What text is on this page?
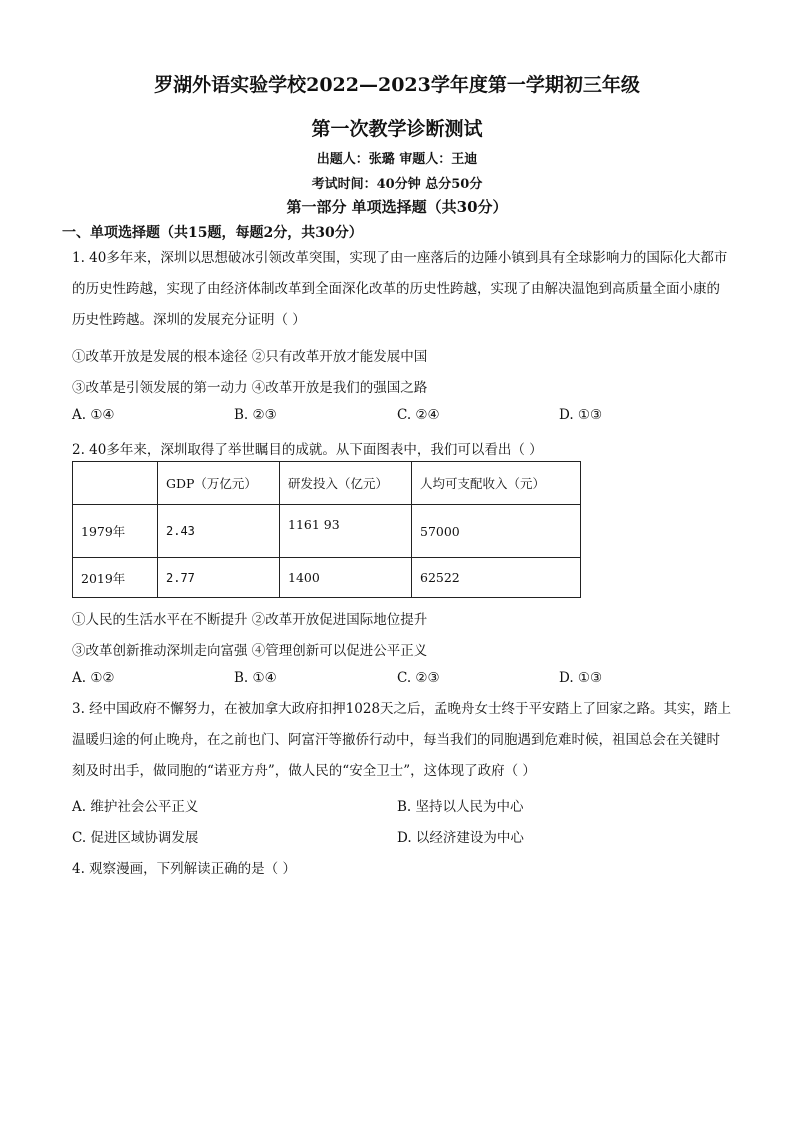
罗湖外语实验学校2022—2023学年度第一学期初三年级
第一次教学诊断测试
出题人：张璐 审题人：王迪
考试时间：40分钟 总分50分
第一部分 单项选择题（共30分）
一、单项选择题（共15题，每题2分，共30分）
1. 40多年来，深圳以思想破冰引领改革突围，实现了由一座落后的边陲小镇到具有全球影响力的国际化大都市的历史性跨越，实现了由经济体制改革到全面深化改革的历史性跨越，实现了由解决温饱到高质量全面小康的历史性跨越。深圳的发展充分证明（ ）
①改革开放是发展的根本途径 ②只有改革开放才能发展中国
③改革是引领发展的第一动力 ④改革开放是我们的强国之路
A. ①④	B. ②③	C. ②④	D. ①③
2. 40多年来，深圳取得了举世瞩目的成就。从下面图表中，我们可以看出（ ）
	GDP（万亿元）	研发投入（亿元）	人均可支配收入（元）
1979年	2.43	1161 93	57000
2019年	2.77	1400	62522
①人民的生活水平在不断提升 ②改革开放促进国际地位提升
③改革创新推动深圳走向富强 ④管理创新可以促进公平正义
A. ①②	B. ①④	C. ②③	D. ①③
3. 经中国政府不懈努力，在被加拿大政府扣押1028天之后，孟晚舟女士终于平安踏上了回家之路。其实，踏上温暖归途的何止晚舟，在之前也门、阿富汗等撤侨行动中，每当我们的同胞遇到危难时候，祖国总会在关键时刻及时出手，做同胞的“诺亚方舟”，做人民的“安全卫士”，这体现了政府（ ）
A. 维护社会公平正义	B. 坚持以人民为中心
C. 促进区域协调发展	D. 以经济建设为中心
4. 观察漫画，下列解读正确的是（ ）
